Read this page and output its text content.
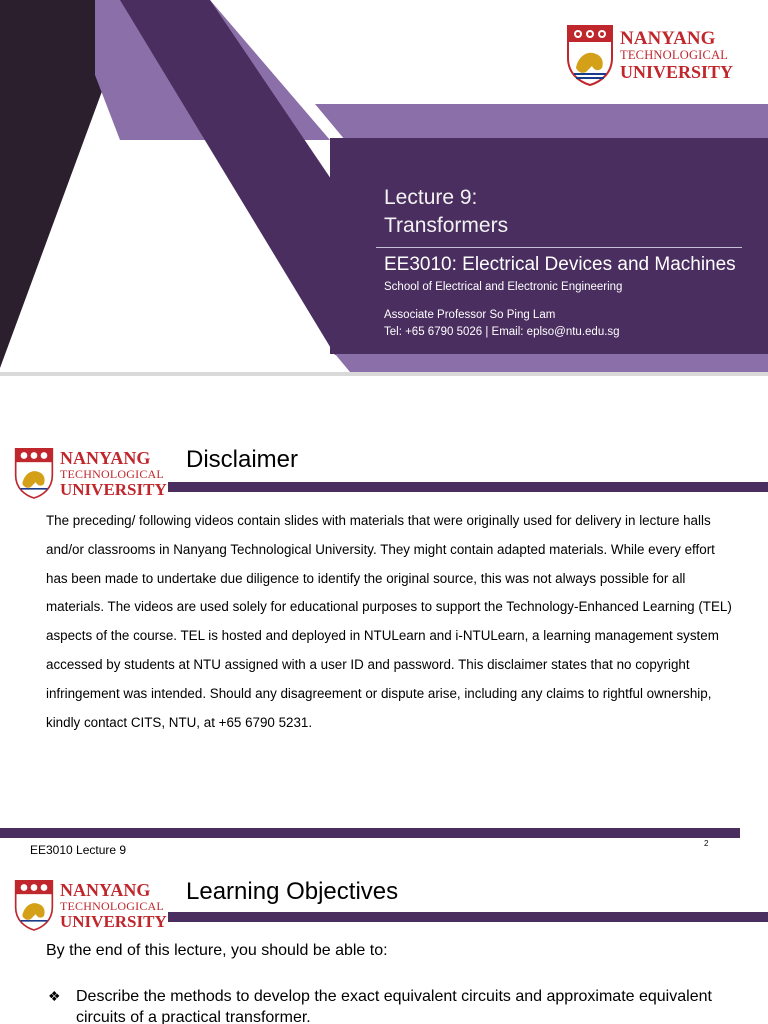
NANYANG
TECHNOLOGICAL
UNIVERSITY
Lecture 9:
Transformers
EE3010: Electrical Devices and Machines
School of Electrical and Electronic Engineering
Associate Professor So Ping Lam
Tel: +65 6790 5026 | Email: eplso@ntu.edu.sg
NANYANG
TECHNOLOGICAL
UNIVERSITY
Disclaimer
The preceding/ following videos contain slides with materials that were originally used for delivery in lecture halls and/or classrooms in Nanyang Technological University. They might contain adapted materials. While every effort has been made to undertake due diligence to identify the original source, this was not always possible for all materials. The videos are used solely for educational purposes to support the Technology-Enhanced Learning (TEL) aspects of the course. TEL is hosted and deployed in NTULearn and i-NTULearn, a learning management system accessed by students at NTU assigned with a user ID and password. This disclaimer states that no copyright infringement was intended. Should any disagreement or dispute arise, including any claims to rightful ownership, kindly contact CITS, NTU, at +65 6790 5231.
EE3010 Lecture 9	2
NANYANG
TECHNOLOGICAL
UNIVERSITY
Learning Objectives
By the end of this lecture, you should be able to:
❖ Describe the methods to develop the exact equivalent circuits and approximate equivalent circuits of a practical transformer.
